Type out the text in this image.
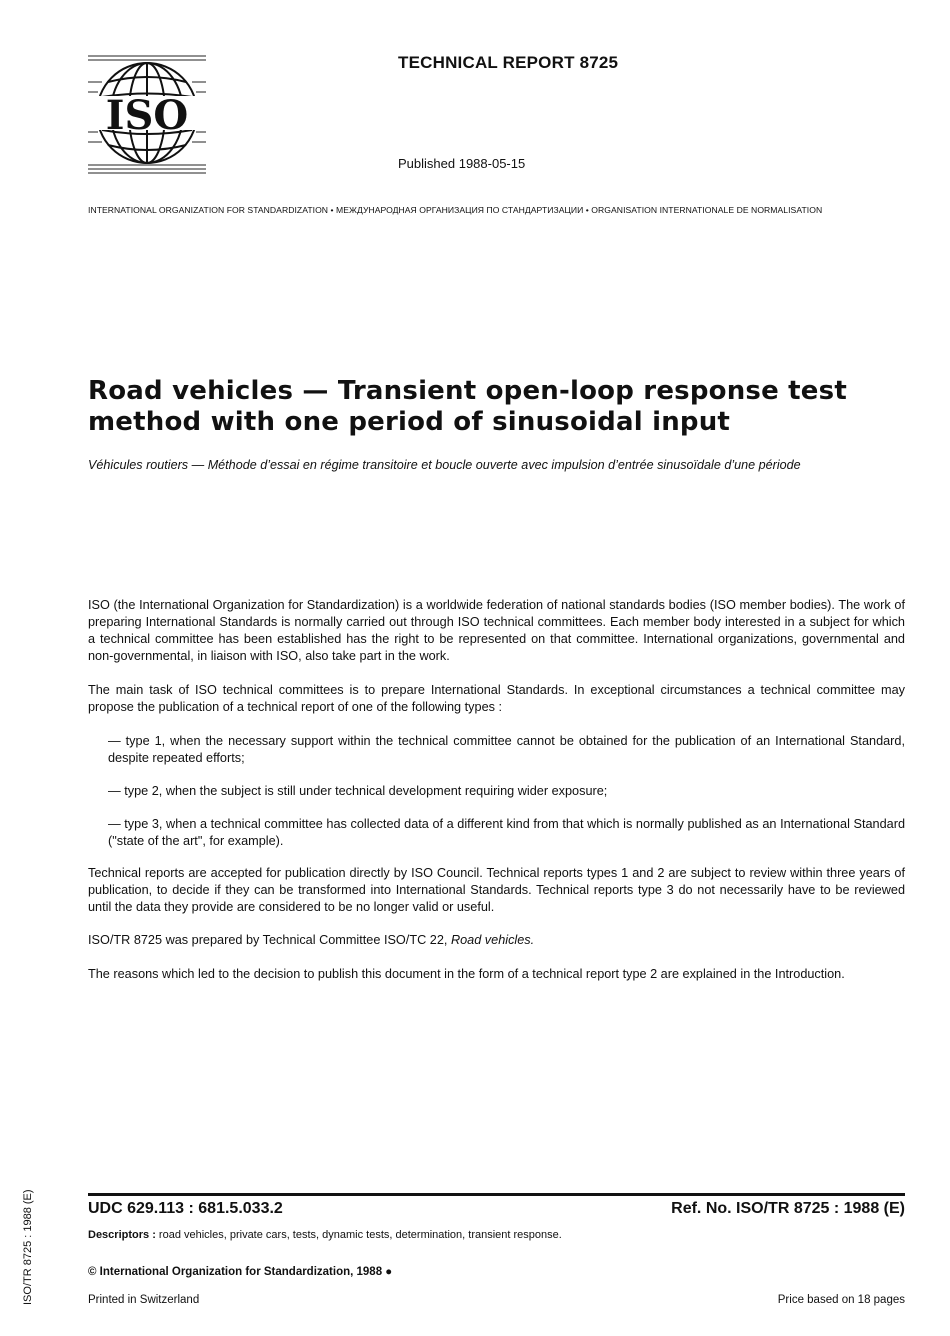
ISO
TECHNICAL REPORT 8725
Published 1988-05-15
INTERNATIONAL ORGANIZATION FOR STANDARDIZATION • МЕЖДУНАРОДНАЯ ОРГАНИЗАЦИЯ ПО СТАНДАРТИЗАЦИИ • ORGANISATION INTERNATIONALE DE NORMALISATION
Road vehicles — Transient open-loop response test
method with one period of sinusoidal input
Véhicules routiers — Méthode d’essai en régime transitoire et boucle ouverte avec impulsion d’entrée sinusoïdale d’une période
ISO (the International Organization for Standardization) is a worldwide federation of national standards bodies (ISO member bodies). The work of preparing International Standards is normally carried out through ISO technical committees. Each member body interested in a subject for which a technical committee has been established has the right to be represented on that committee. International organizations, governmental and non-governmental, in liaison with ISO, also take part in the work.
The main task of ISO technical committees is to prepare International Standards. In exceptional circumstances a technical committee may propose the publication of a technical report of one of the following types :
— type 1, when the necessary support within the technical committee cannot be obtained for the publication of an International Standard, despite repeated efforts;
— type 2, when the subject is still under technical development requiring wider exposure;
— type 3, when a technical committee has collected data of a different kind from that which is normally published as an International Standard ("state of the art", for example).
Technical reports are accepted for publication directly by ISO Council. Technical reports types 1 and 2 are subject to review within three years of publication, to decide if they can be transformed into International Standards. Technical reports type 3 do not necessarily have to be reviewed until the data they provide are considered to be no longer valid or useful.
ISO/TR 8725 was prepared by Technical Committee ISO/TC 22, Road vehicles.
The reasons which led to the decision to publish this document in the form of a technical report type 2 are explained in the Introduction.
UDC 629.113 : 681.5.033.2	Ref. No. ISO/TR 8725 : 1988 (E)
Descriptors : road vehicles, private cars, tests, dynamic tests, determination, transient response.
© International Organization for Standardization, 1988 ●
Printed in Switzerland	Price based on 18 pages
ISO/TR 8725 : 1988 (E)
